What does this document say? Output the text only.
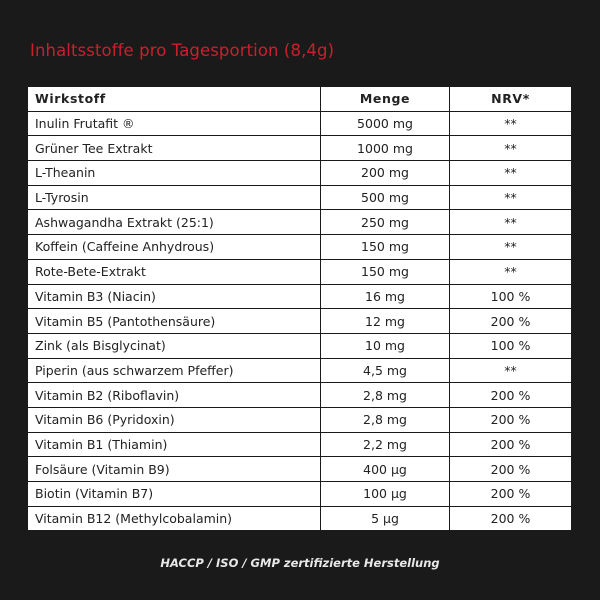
Inhaltsstoffe pro Tagesportion (8,4g)
Wirkstoff	Menge	NRV*
Inulin Frutafit ®	5000 mg	**
Grüner Tee Extrakt	1000 mg	**
L-Theanin	200 mg	**
L-Tyrosin	500 mg	**
Ashwagandha Extrakt (25:1)	250 mg	**
Koffein (Caffeine Anhydrous)	150 mg	**
Rote-Bete-Extrakt	150 mg	**
Vitamin B3 (Niacin)	16 mg	100 %
Vitamin B5 (Pantothensäure)	12 mg	200 %
Zink (als Bisglycinat)	10 mg	100 %
Piperin (aus schwarzem Pfeffer)	4,5 mg	**
Vitamin B2 (Riboflavin)	2,8 mg	200 %
Vitamin B6 (Pyridoxin)	2,8 mg	200 %
Vitamin B1 (Thiamin)	2,2 mg	200 %
Folsäure (Vitamin B9)	400 µg	200 %
Biotin (Vitamin B7)	100 µg	200 %
Vitamin B12 (Methylcobalamin)	5 µg	200 %
HACCP / ISO / GMP zertifizierte Herstellung
